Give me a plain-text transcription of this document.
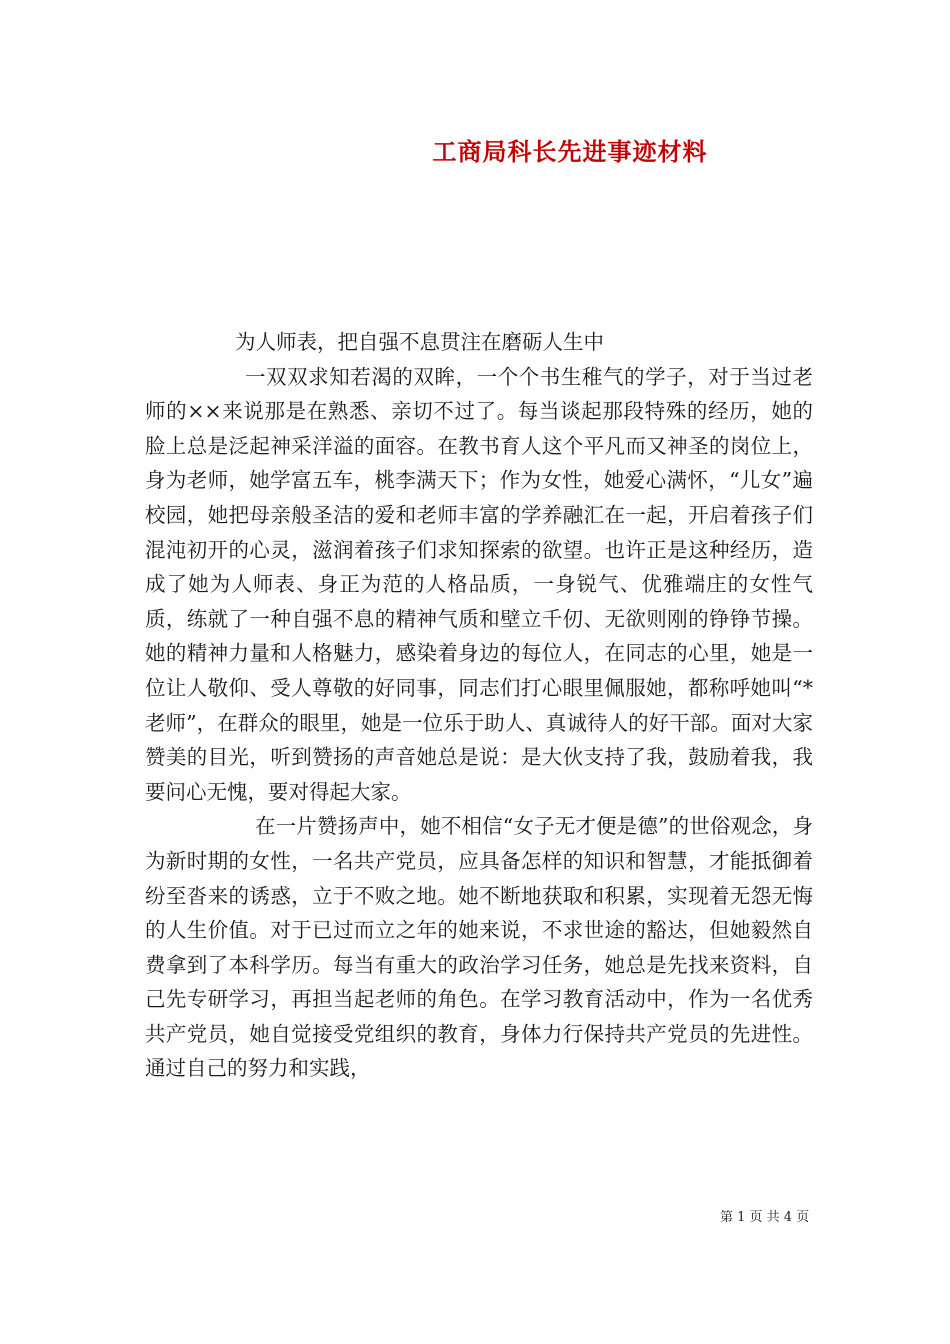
工商局科长先进事迹材料

为人师表，把自强不息贯注在磨砺人生中

一双双求知若渴的双眸，一个个书生稚气的学子，对于当过老师的××来说那是在熟悉、亲切不过了。每当谈起那段特殊的经历，她的脸上总是泛起神采洋溢的面容。在教书育人这个平凡而又神圣的岗位上，身为老师，她学富五车，桃李满天下；作为女性，她爱心满怀，“儿女”遍校园，她把母亲般圣洁的爱和老师丰富的学养融汇在一起，开启着孩子们混沌初开的心灵，滋润着孩子们求知探索的欲望。也许正是这种经历，造成了她为人师表、身正为范的人格品质，一身锐气、优雅端庄的女性气质，练就了一种自强不息的精神气质和壁立千仞、无欲则刚的铮铮节操。她的精神力量和人格魅力，感染着身边的每位人，在同志的心里，她是一位让人敬仰、受人尊敬的好同事，同志们打心眼里佩服她，都称呼她叫“*老师”，在群众的眼里，她是一位乐于助人、真诚待人的好干部。面对大家赞美的目光，听到赞扬的声音她总是说：是大伙支持了我，鼓励着我，我要问心无愧，要对得起大家。

在一片赞扬声中，她不相信“女子无才便是德”的世俗观念，身为新时期的女性，一名共产党员，应具备怎样的知识和智慧，才能抵御着纷至沓来的诱惑，立于不败之地。她不断地获取和积累，实现着无怨无悔的人生价值。对于已过而立之年的她来说，不求世途的豁达，但她毅然自费拿到了本科学历。每当有重大的政治学习任务，她总是先找来资料，自己先专研学习，再担当起老师的角色。在学习教育活动中，作为一名优秀共产党员，她自觉接受党组织的教育，身体力行保持共产党员的先进性。通过自己的努力和实践，

第 1 页 共 4 页
